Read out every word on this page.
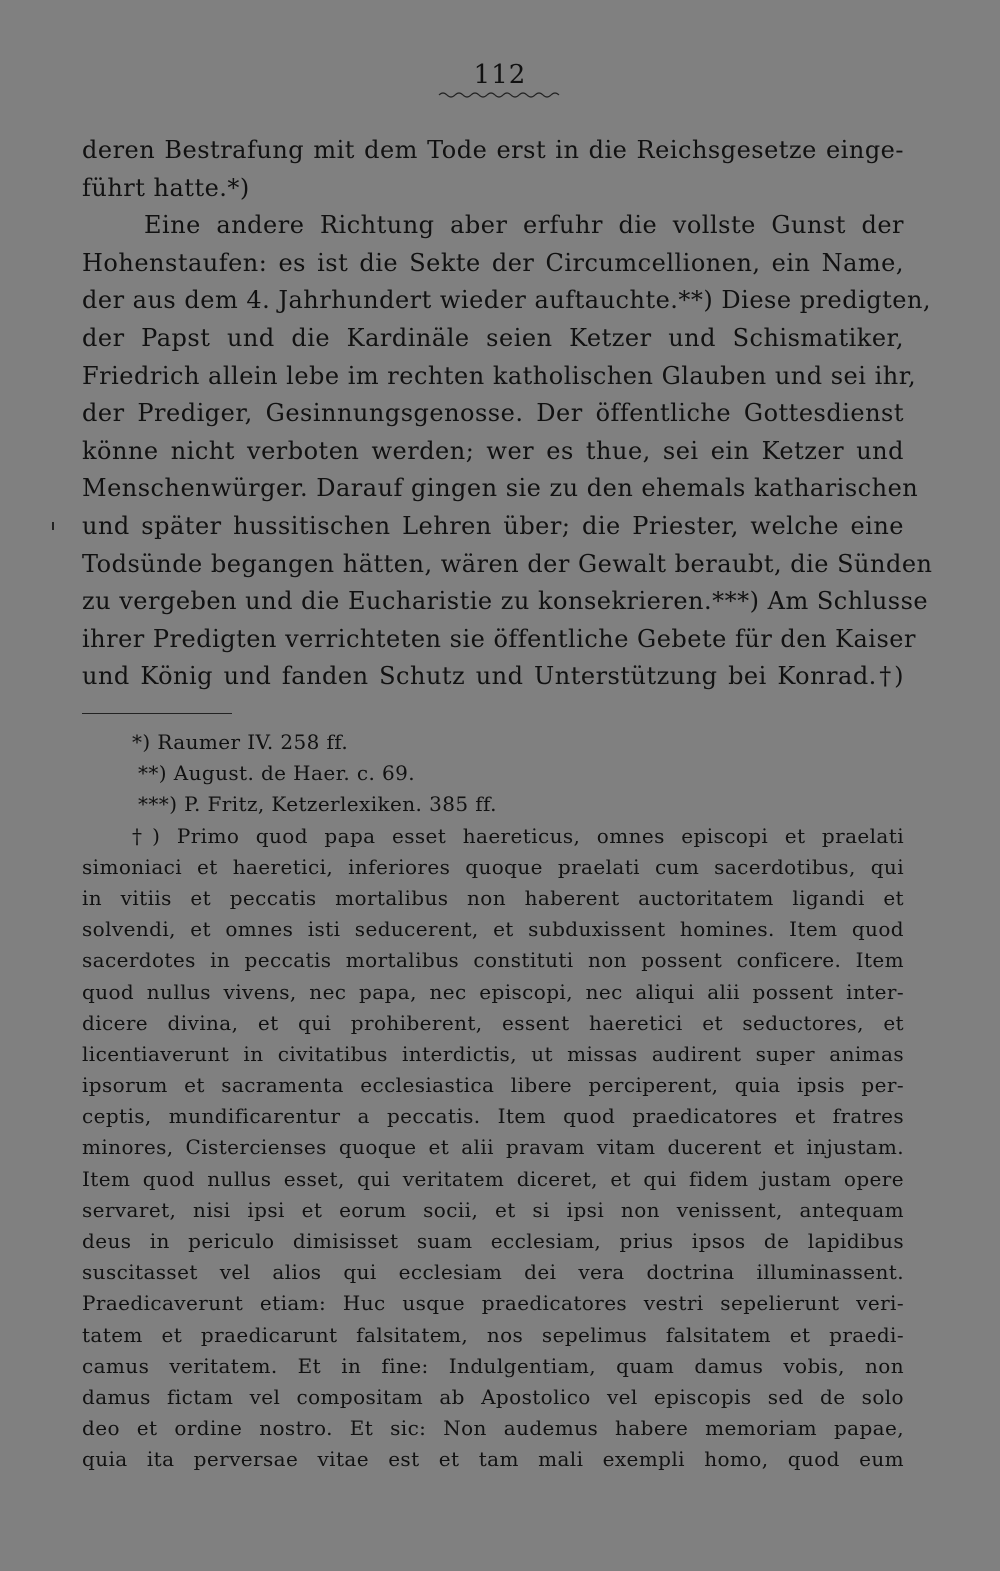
112
deren Bestrafung mit dem Tode erst in die Reichsgesetze einge-
führt hatte.*)
Eine andere Richtung aber erfuhr die vollste Gunst der
Hohenstaufen: es ist die Sekte der Circumcellionen, ein Name,
der aus dem 4. Jahrhundert wieder auftauchte.**) Diese predigten,
der Papst und die Kardinäle seien Ketzer und Schismatiker,
Friedrich allein lebe im rechten katholischen Glauben und sei ihr,
der Prediger, Gesinnungsgenosse. Der öffentliche Gottesdienst
könne nicht verboten werden; wer es thue, sei ein Ketzer und
Menschenwürger. Darauf gingen sie zu den ehemals katharischen
und später hussitischen Lehren über; die Priester, welche eine
Todsünde begangen hätten, wären der Gewalt beraubt, die Sünden
zu vergeben und die Eucharistie zu konsekrieren.***) Am Schlusse
ihrer Predigten verrichteten sie öffentliche Gebete für den Kaiser
und König und fanden Schutz und Unterstützung bei Konrad.†)
*) Raumer IV. 258 ff.
**) August. de Haer. c. 69.
***) P. Fritz, Ketzerlexiken. 385 ff.
†) Primo quod papa esset haereticus, omnes episcopi et praelati
simoniaci et haeretici, inferiores quoque praelati cum sacerdotibus, qui
in vitiis et peccatis mortalibus non haberent auctoritatem ligandi et
solvendi, et omnes isti seducerent, et subduxissent homines. Item quod
sacerdotes in peccatis mortalibus constituti non possent conficere. Item
quod nullus vivens, nec papa, nec episcopi, nec aliqui alii possent inter-
dicere divina, et qui prohiberent, essent haeretici et seductores, et
licentiaverunt in civitatibus interdictis, ut missas audirent super animas
ipsorum et sacramenta ecclesiastica libere perciperent, quia ipsis per-
ceptis, mundificarentur a peccatis. Item quod praedicatores et fratres
minores, Cistercienses quoque et alii pravam vitam ducerent et injustam.
Item quod nullus esset, qui veritatem diceret, et qui fidem justam opere
servaret, nisi ipsi et eorum socii, et si ipsi non venissent, antequam
deus in periculo dimisisset suam ecclesiam, prius ipsos de lapidibus
suscitasset vel alios qui ecclesiam dei vera doctrina illuminassent.
Praedicaverunt etiam: Huc usque praedicatores vestri sepelierunt veri-
tatem et praedicarunt falsitatem, nos sepelimus falsitatem et praedi-
camus veritatem. Et in fine: Indulgentiam, quam damus vobis, non
damus fictam vel compositam ab Apostolico vel episcopis sed de solo
deo et ordine nostro. Et sic: Non audemus habere memoriam papae,
quia ita perversae vitae est et tam mali exempli homo, quod eum
